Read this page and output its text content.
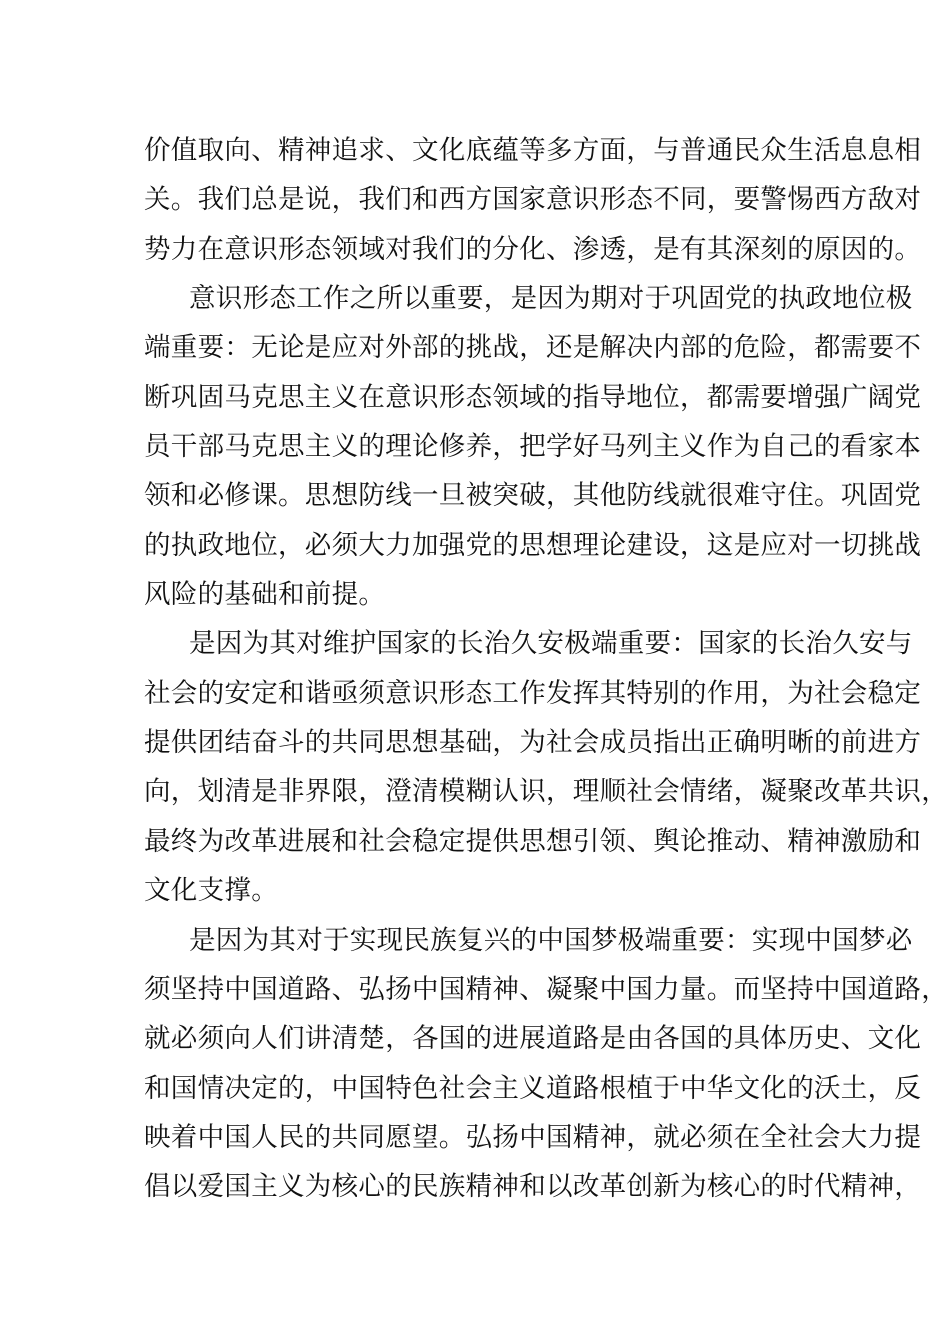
价值取向、精神追求、文化底蕴等多方面，与普通民众生活息息相
关。我们总是说，我们和西方国家意识形态不同，要警惕西方敌对
势力在意识形态领域对我们的分化、渗透，是有其深刻的原因的。
意识形态工作之所以重要，是因为期对于巩固党的执政地位极
端重要：无论是应对外部的挑战，还是解决内部的危险，都需要不
断巩固马克思主义在意识形态领域的指导地位，都需要增强广阔党
员干部马克思主义的理论修养，把学好马列主义作为自己的看家本
领和必修课。思想防线一旦被突破，其他防线就很难守住。巩固党
的执政地位，必须大力加强党的思想理论建设，这是应对一切挑战
风险的基础和前提。
是因为其对维护国家的长治久安极端重要：国家的长治久安与
社会的安定和谐亟须意识形态工作发挥其特别的作用，为社会稳定
提供团结奋斗的共同思想基础，为社会成员指出正确明晰的前进方
向，划清是非界限，澄清模糊认识，理顺社会情绪，凝聚改革共识，
最终为改革进展和社会稳定提供思想引领、舆论推动、精神激励和
文化支撑。
是因为其对于实现民族复兴的中国梦极端重要：实现中国梦必
须坚持中国道路、弘扬中国精神、凝聚中国力量。而坚持中国道路，
就必须向人们讲清楚，各国的进展道路是由各国的具体历史、文化
和国情决定的，中国特色社会主义道路根植于中华文化的沃土，反
映着中国人民的共同愿望。弘扬中国精神，就必须在全社会大力提
倡以爱国主义为核心的民族精神和以改革创新为核心的时代精神，
